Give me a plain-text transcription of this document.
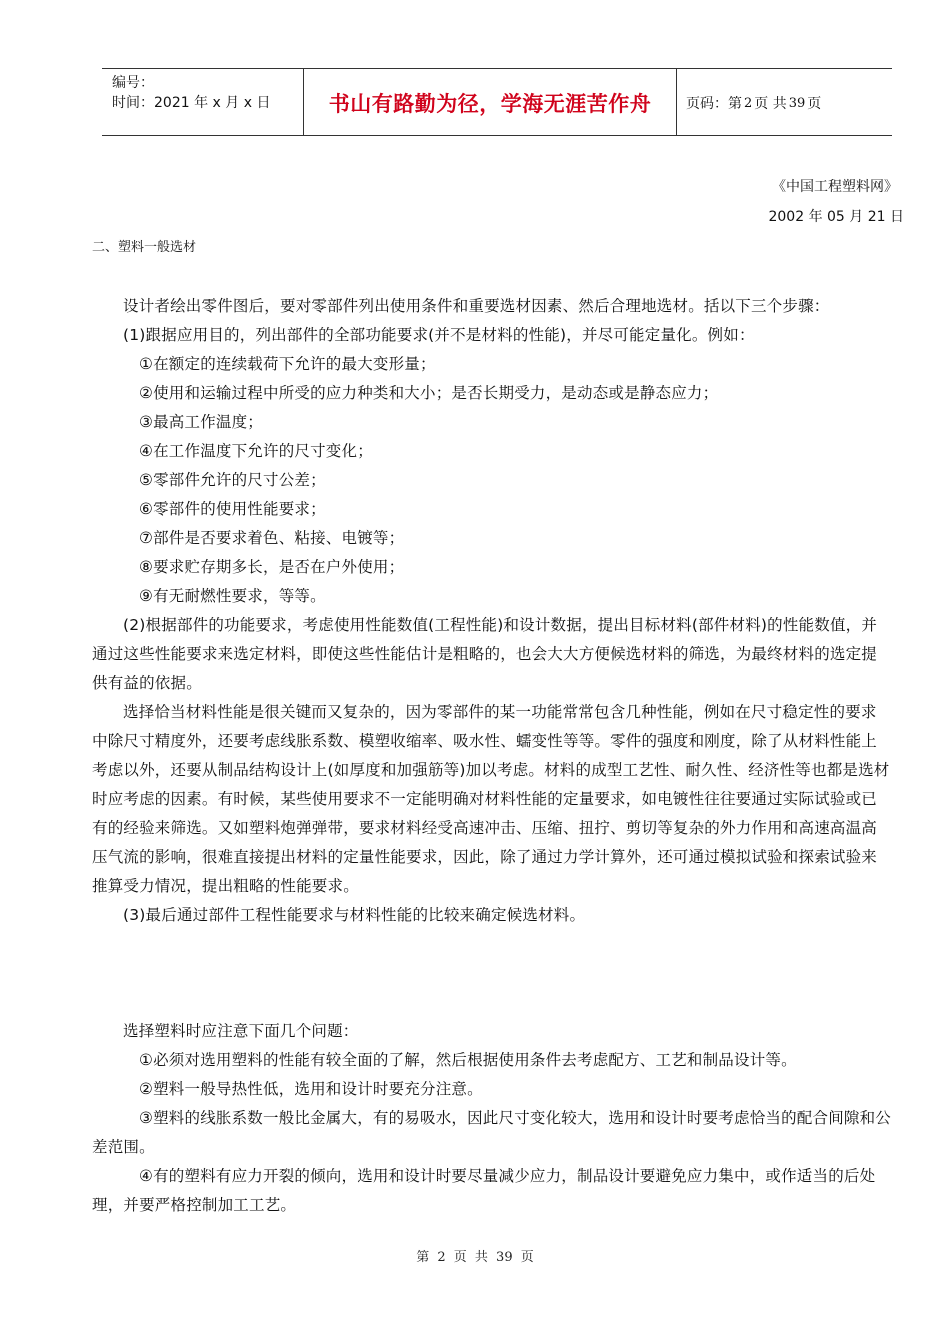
编号：
时间：2021 年 x 月 x 日	书山有路勤为径，学海无涯苦作舟	页码：第 2 页 共 39 页
《中国工程塑料网》
2002 年 05 月 21 日
二、塑料一般选材

设计者绘出零件图后，要对零部件列出使用条件和重要选材因素、然后合理地选材。括以下三个步骤：

(1)跟据应用目的，列出部件的全部功能要求(并不是材料的性能)，并尽可能定量化。例如：

①在额定的连续载荷下允许的最大变形量；

②使用和运输过程中所受的应力种类和大小；是否长期受力，是动态或是静态应力；

③最高工作温度；

④在工作温度下允许的尺寸变化；

⑤零部件允许的尺寸公差；

⑥零部件的使用性能要求；

⑦部件是否要求着色、粘接、电镀等；

⑧要求贮存期多长，是否在户外使用；

⑨有无耐燃性要求，等等。

(2)根据部件的功能要求，考虑使用性能数值(工程性能)和设计数据，提出目标材料(部件材料)的性能数值，并通过这些性能要求来选定材料，即使这些性能估计是粗略的，也会大大方便候选材料的筛选，为最终材料的选定提供有益的依据。

选择恰当材料性能是很关键而又复杂的，因为零部件的某一功能常常包含几种性能，例如在尺寸稳定性的要求中除尺寸精度外，还要考虑线胀系数、模塑收缩率、吸水性、蠕变性等等。零件的强度和刚度，除了从材料性能上考虑以外，还要从制品结构设计上(如厚度和加强筋等)加以考虑。材料的成型工艺性、耐久性、经济性等也都是选材时应考虑的因素。有时候，某些使用要求不一定能明确对材料性能的定量要求，如电镀性往往要通过实际试验或已有的经验来筛选。又如塑料炮弹弹带，要求材料经受高速冲击、压缩、扭拧、剪切等复杂的外力作用和高速高温高压气流的影响，很难直接提出材料的定量性能要求，因此，除了通过力学计算外，还可通过模拟试验和探索试验来推算受力情况，提出粗略的性能要求。

(3)最后通过部件工程性能要求与材料性能的比较来确定候选材料。

选择塑料时应注意下面几个问题：

①必须对选用塑料的性能有较全面的了解，然后根据使用条件去考虑配方、工艺和制品设计等。

②塑料一般导热性低，选用和设计时要充分注意。

③塑料的线胀系数一般比金属大，有的易吸水，因此尺寸变化较大，选用和设计时要考虑恰当的配合间隙和公差范围。

④有的塑料有应力开裂的倾向，选用和设计时要尽量减少应力，制品设计要避免应力集中，或作适当的后处理，并要严格控制加工工艺。

第 2 页 共 39 页
